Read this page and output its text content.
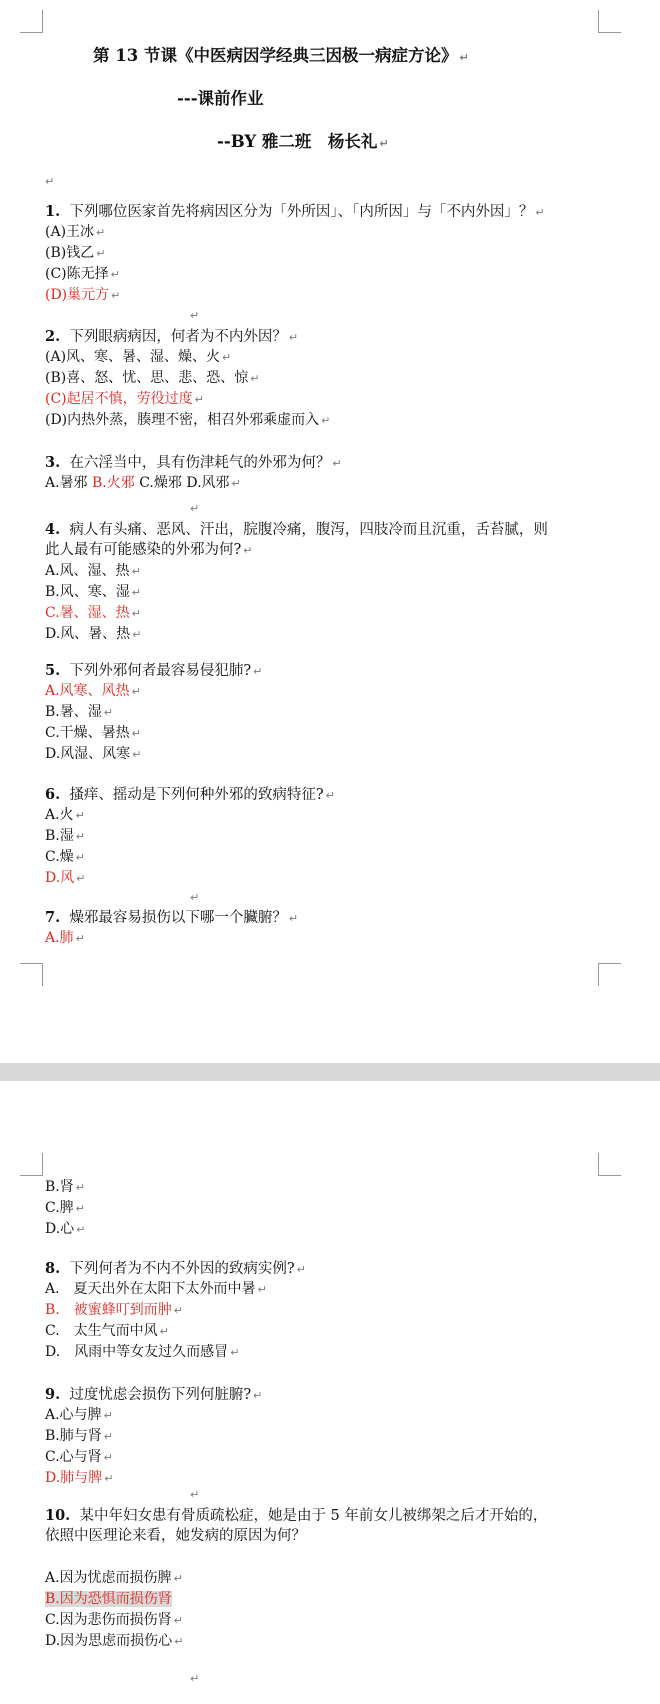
第 13 节课《中医病因学经典三因极一病症方论》 ↵
---课前作业
--BY 雅二班　杨长礼 ↵
↵
1. 下列哪位医家首先将病因区分为「外所因」、「内所因」与「不内外因」？ ↵
(A)王冰 ↵
(B)钱乙 ↵
(C)陈无择 ↵
(D)巢元方 ↵
↵
2. 下列眼病病因，何者为不内外因？ ↵
(A)风、寒、暑、湿、燥、火 ↵
(B)喜、怒、忧、思、悲、恐、惊 ↵
(C)起居不慎，劳役过度 ↵
(D)内热外蒸，腠理不密，相召外邪乘虚而入 ↵
3. 在六淫当中，具有伤津耗气的外邪为何？ ↵
A.暑邪 B.火邪 C.燥邪 D.风邪 ↵
↵
4. 病人有头痛、恶风、汗出，脘腹冷痛，腹泻，四肢冷而且沉重，舌苔腻，则
此人最有可能感染的外邪为何? ↵
A.风、湿、热 ↵
B.风、寒、湿 ↵
C.暑、湿、热 ↵
D.风、暑、热 ↵
5. 下列外邪何者最容易侵犯肺? ↵
A.风寒、风热 ↵
B.暑、湿 ↵
C.干燥、暑热 ↵
D.风湿、风寒 ↵
6. 搔痒、摇动是下列何种外邪的致病特征? ↵
A.火 ↵
B.湿 ↵
C.燥 ↵
D.风 ↵
↵
7. 燥邪最容易损伤以下哪一个臟腑？ ↵
A.肺 ↵
B.肾 ↵
C.脾 ↵
D.心 ↵
8. 下列何者为不内不外因的致病实例? ↵
A.　夏天出外在太阳下太外而中暑 ↵
B.　被蜜蜂叮到而肿 ↵
C.　太生气而中风 ↵
D.　风雨中等女友过久而感冒 ↵
9. 过度忧虑会损伤下列何脏腑? ↵
A.心与脾 ↵
B.肺与肾 ↵
C.心与肾 ↵
D.肺与脾 ↵
↵
10. 某中年妇女患有骨质疏松症，她是由于 5 年前女儿被绑架之后才开始的，
依照中医理论来看，她发病的原因为何？
A.因为忧虑而损伤脾 ↵
B.因为恐惧而损伤肾
C.因为悲伤而损伤肾 ↵
D.因为思虑而损伤心 ↵
↵
